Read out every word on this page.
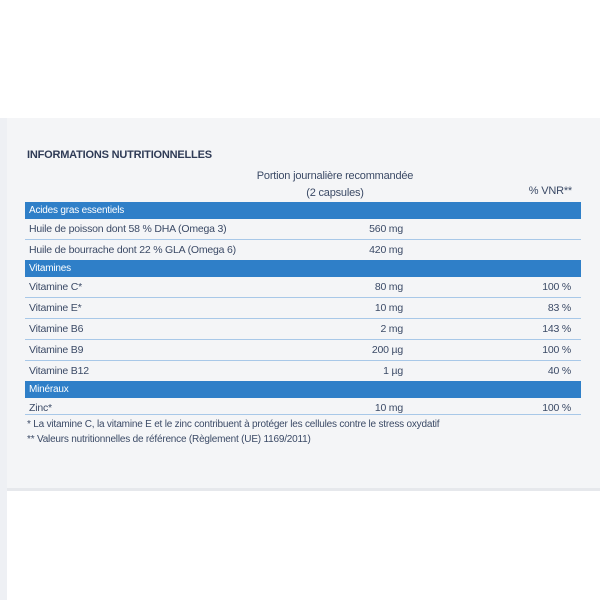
INFORMATIONS NUTRITIONNELLES
Portion journalière recommandée
(2 capsules)	% VNR**
Acides gras essentiels
Huile de poisson dont 58 % DHA (Omega 3)	560 mg
Huile de bourrache dont 22 % GLA (Omega 6)	420 mg
Vitamines
Vitamine C*	80 mg	100 %
Vitamine E*	10 mg	83 %
Vitamine B6	2 mg	143 %
Vitamine B9	200 µg	100 %
Vitamine B12	1 µg	40 %
Minéraux
Zinc*	10 mg	100 %
* La vitamine C, la vitamine E et le zinc contribuent à protéger les cellules contre le stress oxydatif
** Valeurs nutritionnelles de référence (Règlement (UE) 1169/2011)
